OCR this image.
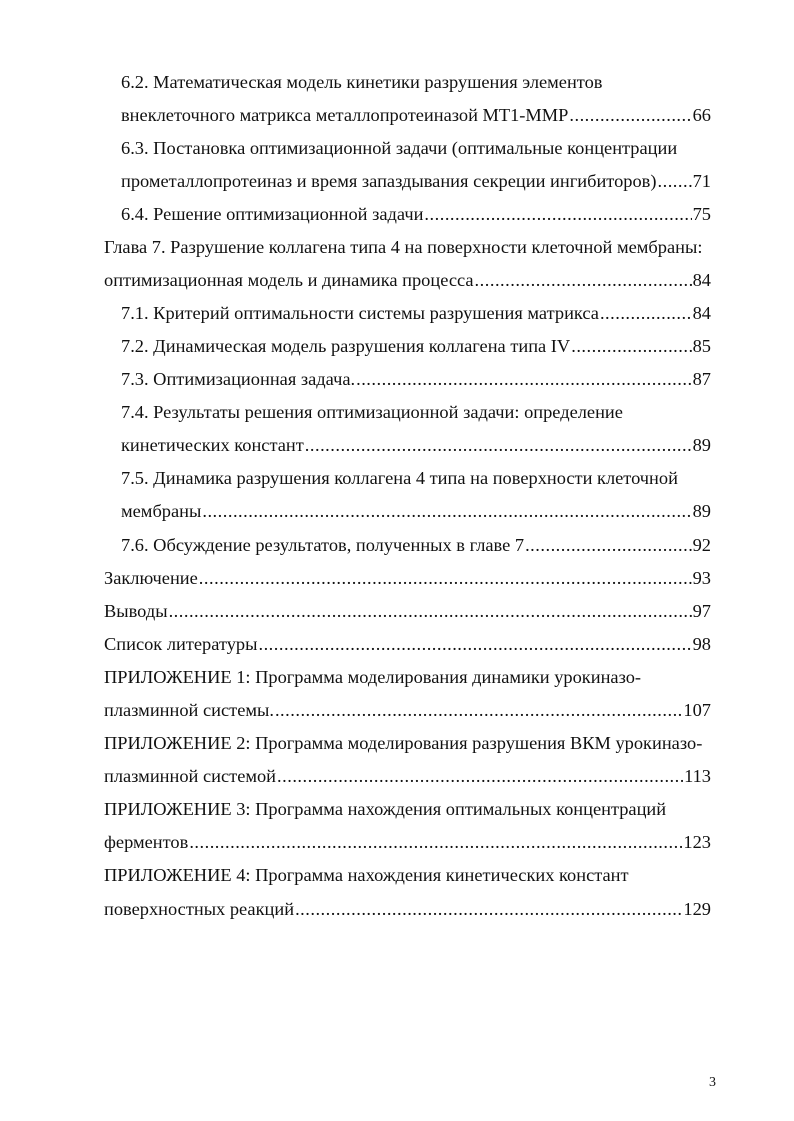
6.2. Математическая модель кинетики разрушения элементов
внеклеточного матрикса металлопротеиназой МТ1-ММР .....	66
6.3. Постановка оптимизационной задачи (оптимальные концентрации
прометаллопротеиназ и время запаздывания секреции ингибиторов) ..... 71
6.4. Решение оптимизационной задачи .....	75
Глава 7. Разрушение коллагена типа 4 на поверхности клеточной мембраны:
оптимизационная модель и динамика процесса .....	84
7.1. Критерий оптимальности системы разрушения матрикса .....	84
7.2. Динамическая модель разрушения коллагена типа IV .....	85
7.3. Оптимизационная задача. .....	87
7.4. Результаты решения оптимизационной задачи: определение
кинетических констант .....	89
7.5. Динамика разрушения коллагена 4 типа на поверхности клеточной
мембраны .....	89
7.6. Обсуждение результатов, полученных в главе 7 .....	92
Заключение .....	93
Выводы .....	97
Список литературы .....	98
ПРИЛОЖЕНИЕ 1: Программа моделирования динамики урокиназо-
плазминной системы. .....	107
ПРИЛОЖЕНИЕ 2: Программа моделирования разрушения ВКМ урокиназо-
плазминной системой .....	113
ПРИЛОЖЕНИЕ 3: Программа нахождения оптимальных концентраций
ферментов .....	123
ПРИЛОЖЕНИЕ 4: Программа нахождения кинетических констант
поверхностных реакций .....	129
3
